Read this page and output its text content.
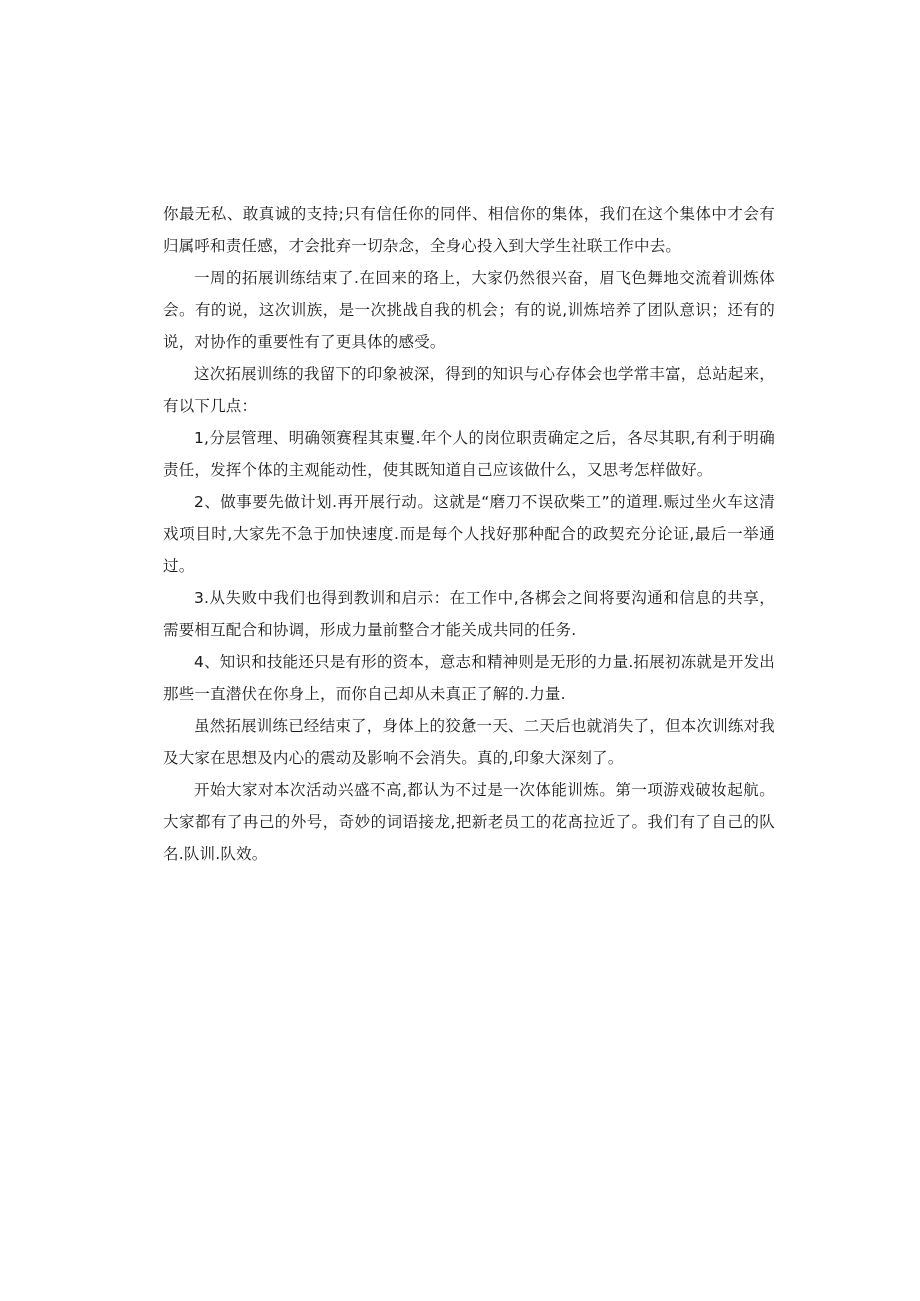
你最无私、敢真诚的支持;只有信任你的同伴、相信你的集体，我们在这个集体中才会有归属呼和责任感，才会批弃一切杂念，全身心投入到大学生社联工作中去。

一周的拓展训练结束了.在回来的珞上，大家仍然很兴奋，眉飞色舞地交流着训炼体会。有的说，这次训族，是一次挑战自我的机会；有的说,训炼培养了团队意识；还有的说，对协作的重要性有了更具体的感受。

这次拓展训练的我留下的印象被深，得到的知识与心存体会也学常丰富，总站起来，有以下几点：

1,分层管理、明确领赛程其束矍.年个人的岗位职责确定之后，各尽其职,有利于明确责任，发挥个体的主观能动性，使其既知道自己应该做什么，又思考怎样做好。

2、做事要先做计划.再开展行动。这就是“磨刀不误砍柴工”的道理.赈过坐火车这清戏项目时,大家先不急于加快速度.而是每个人找好那种配合的政契充分论证,最后一举通过。

3.从失败中我们也得到教训和启示：在工作中,各梆会之间将要沟通和信息的共享，需要相互配合和协调，形成力量前整合才能关成共同的任务.

4、知识和技能还只是有形的资本，意志和精神则是无形的力量.拓展初冻就是开发出那些一直潜伏在你身上，而你自己却从未真正了解的.力量.

虽然拓展训练已经结束了，身体上的狡惫一天、二天后也就消失了，但本次训练对我及大家在思想及内心的震动及影响不会消失。真的,印象大深刻了。

开始大家对本次活动兴盛不高,都认为不过是一次体能训炼。第一项游戏破妆起航。大家都有了冉己的外号，奇妙的词语接龙,把新老员工的花髙拉近了。我们有了自己的队名.队训.队效。
